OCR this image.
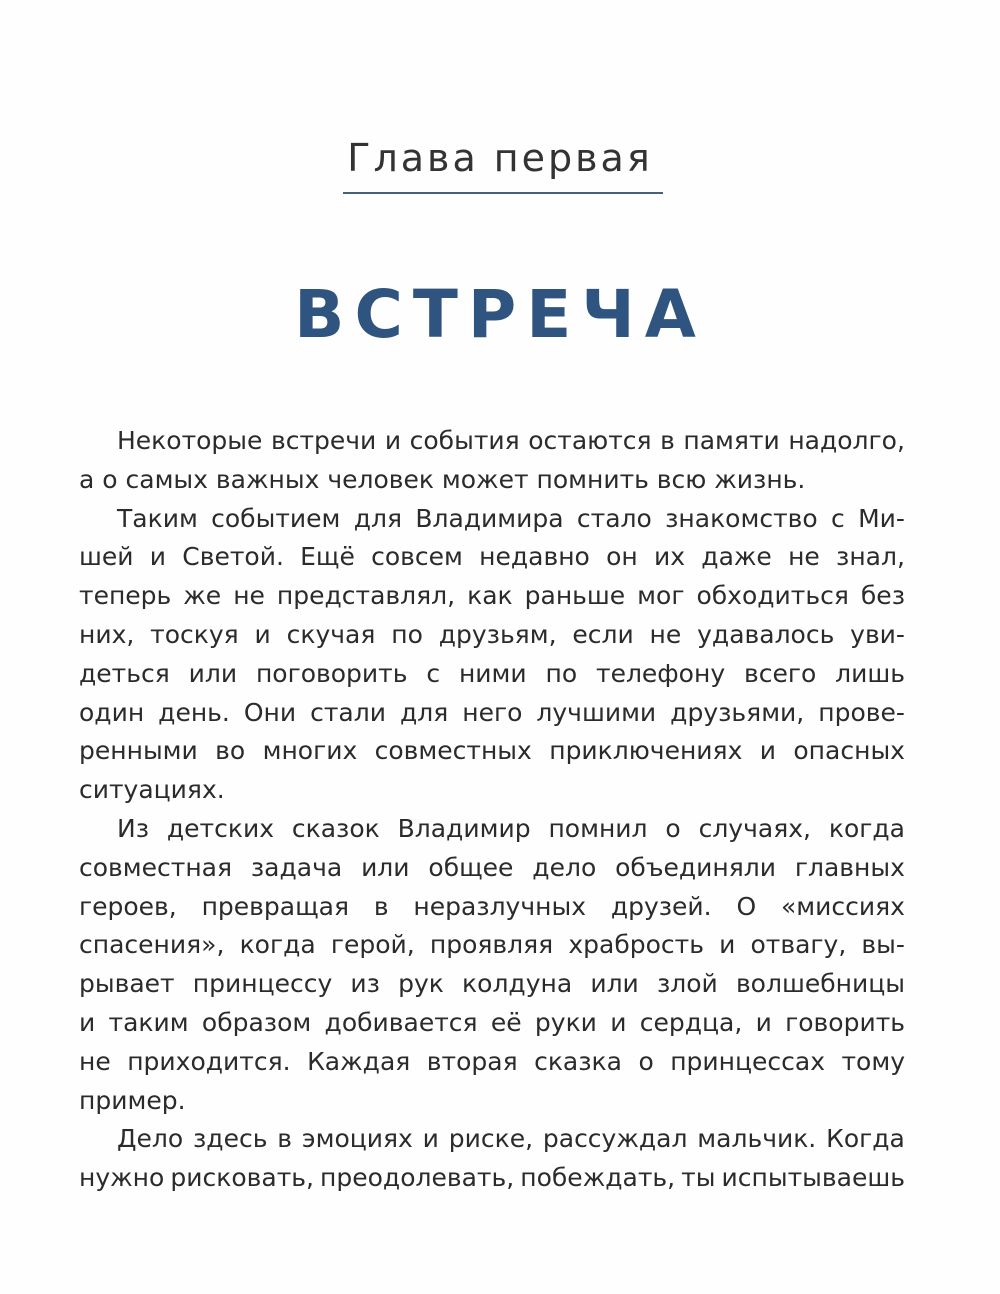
Глава первая
ВСТРЕЧА
Некоторые встречи и события остаются в памяти надолго,
а о самых важных человек может помнить всю жизнь.
Таким событием для Владимира стало знакомство с Ми-
шей и Светой. Ещё совсем недавно он их даже не знал,
теперь же не представлял, как раньше мог обходиться без
них, тоскуя и скучая по друзьям, если не удавалось уви-
деться или поговорить с ними по телефону всего лишь
один день. Они стали для него лучшими друзьями, прове-
ренными во многих совместных приключениях и опасных
ситуациях.
Из детских сказок Владимир помнил о случаях, когда
совместная задача или общее дело объединяли главных
героев, превращая в неразлучных друзей. О «миссиях
спасения», когда герой, проявляя храбрость и отвагу, вы-
рывает принцессу из рук колдуна или злой волшебницы
и таким образом добивается её руки и сердца, и говорить
не приходится. Каждая вторая сказка о принцессах тому
пример.
Дело здесь в эмоциях и риске, рассуждал мальчик. Когда
нужно рисковать, преодолевать, побеждать, ты испытываешь
